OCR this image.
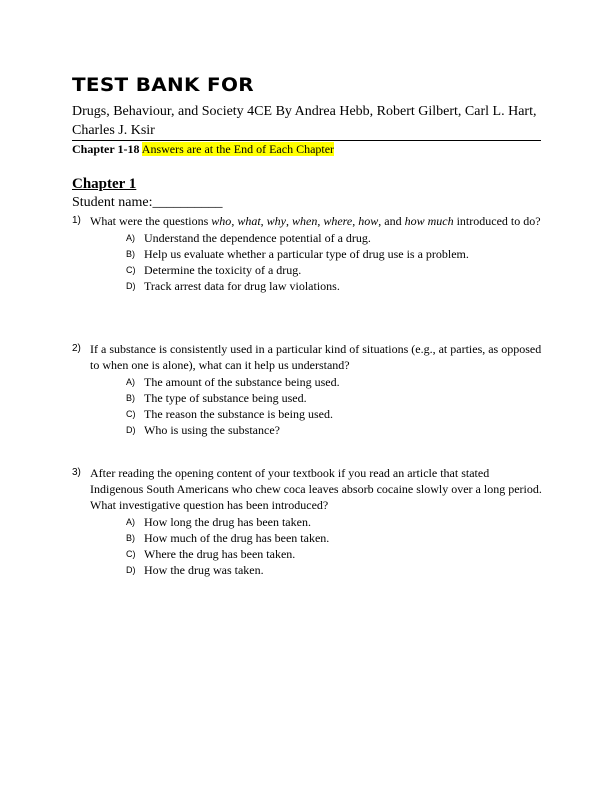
TEST BANK FOR
Drugs, Behaviour, and Society 4CE By Andrea Hebb, Robert Gilbert, Carl L. Hart, Charles J. Ksir
Chapter 1-18 Answers are at the End of Each Chapter
Chapter 1
Student name:__________
1) What were the questions who, what, why, when, where, how, and how much introduced to do?
A) Understand the dependence potential of a drug.
B) Help us evaluate whether a particular type of drug use is a problem.
C) Determine the toxicity of a drug.
D) Track arrest data for drug law violations.
2) If a substance is consistently used in a particular kind of situations (e.g., at parties, as opposed to when one is alone), what can it help us understand?
A) The amount of the substance being used.
B) The type of substance being used.
C) The reason the substance is being used.
D) Who is using the substance?
3) After reading the opening content of your textbook if you read an article that stated Indigenous South Americans who chew coca leaves absorb cocaine slowly over a long period. What investigative question has been introduced?
A) How long the drug has been taken.
B) How much of the drug has been taken.
C) Where the drug has been taken.
D) How the drug was taken.
